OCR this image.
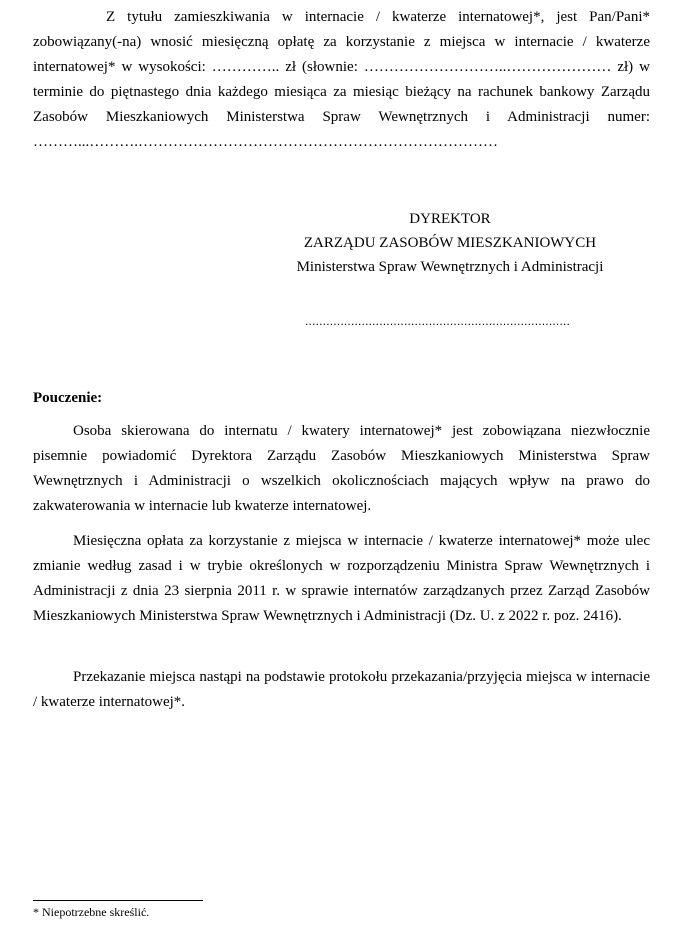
Z tytułu zamieszkiwania w internacie / kwaterze internatowej*, jest Pan/Pani* zobowiązany(-na) wnosić miesięczną opłatę za korzystanie z miejsca w internacie / kwaterze internatowej* w wysokości: ………….. zł (słownie: ………………………..………………… zł) w terminie do piętnastego dnia każdego miesiąca za miesiąc bieżący na rachunek bankowy Zarządu Zasobów Mieszkaniowych Ministerstwa Spraw Wewnętrznych i Administracji numer: ………...……….………………………………………………………………

DYREKTOR
ZARZĄDU ZASOBÓW MIESZKANIOWYCH
Ministerstwa Spraw Wewnętrznych i Administracji
...........................................................................
Pouczenie:

Osoba skierowana do internatu / kwatery internatowej* jest zobowiązana niezwłocznie pisemnie powiadomić Dyrektora Zarządu Zasobów Mieszkaniowych Ministerstwa Spraw Wewnętrznych i Administracji o wszelkich okolicznościach mających wpływ na prawo do zakwaterowania w internacie lub kwaterze internatowej.

Miesięczna opłata za korzystanie z miejsca w internacie / kwaterze internatowej* może ulec zmianie według zasad i w trybie określonych w rozporządzeniu Ministra Spraw Wewnętrznych i Administracji z dnia 23 sierpnia 2011 r. w sprawie internatów zarządzanych przez Zarząd Zasobów Mieszkaniowych Ministerstwa Spraw Wewnętrznych i Administracji (Dz. U. z 2022 r. poz. 2416).

Przekazanie miejsca nastąpi na podstawie protokołu przekazania/przyjęcia miejsca w internacie / kwaterze internatowej*.

* Niepotrzebne skreślić.
